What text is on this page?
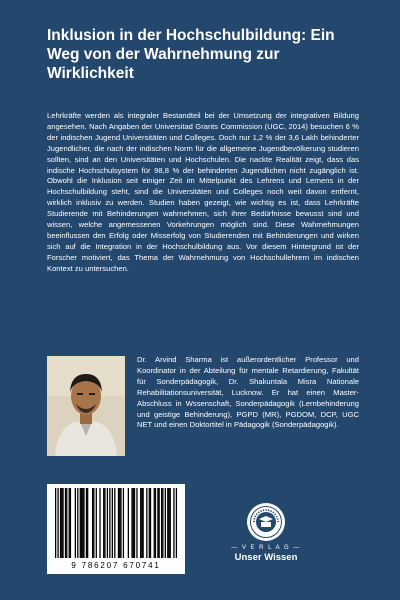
Inklusion in der Hochschulbildung: Ein Weg von der Wahrnehmung zur Wirklichkeit

Lehrkräfte werden als integraler Bestandteil bei der Umsetzung der integrativen Bildung angesehen. Nach Angaben der Universitad Grants Commission (UGC, 2014) besuchen 6 % der indischen Jugend Universitäten und Colleges. Doch nur 1,2 % der 3,6 Lakh behinderter Jugendlicher, die nach der indischen Norm für die allgemeine Jugendbevölkerung studieren sollten, sind an den Universitäten und Hochschulen. Die nackte Realität zeigt, dass das indische Hochschulsystem für 98,8 % der behinderten Jugendlichen nicht zugänglich ist. Obwohl die Inklusion seit einiger Zeit im Mittelpunkt des Lehrens und Lernens in der Hochschulbildung steht, sind die Universitäten und Colleges noch weit davon entfernt, wirklich inklusiv zu werden. Studien haben gezeigt, wie wichtig es ist, dass Lehrkräfte Studierende mit Behinderungen wahrnehmen, sich ihrer Bedürfnisse bewusst sind und wissen, welche angemessenen Vorkehrungen möglich sind. Diese Wahrnehmungen beeinflussen den Erfolg oder Misserfolg von Studierenden mit Behinderungen und wirken sich auf die Integration in der Hochschulbildung aus. Vor diesem Hintergrund ist der Forscher motiviert, das Thema der Wahrnehmung von Hochschullehrern im indischen Kontext zu untersuchen.

Dr. Arvind Sharma ist außerordentlicher Professor und Koordinator in der Abteilung für mentale Retardierung, Fakultät für Sonderpädagogik, Dr. Shakuntala Misra Nationale Rehabilitationsuniversität, Lucknow. Er hat einen Master-Abschluss in Wssenschaft, Sonderpädagogik (Lernbehinderung und geistige Behinderung), PGPD (MR), PGDOM, DCP, UGC NET und einen Doktortitel in Pädagogik (Sonderpädagogik).

9 786207 670741
— V E R L A G —
Unser Wissen
